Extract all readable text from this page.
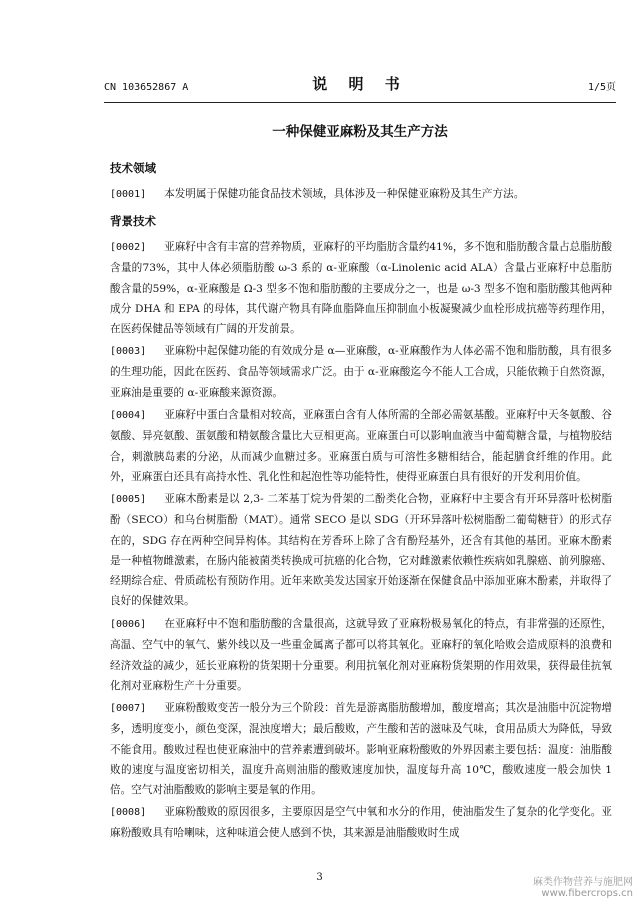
CN 103652867 A	说 明 书	1/5页
一种保健亚麻粉及其生产方法
技术领域
[0001] 本发明属于保健功能食品技术领域，具体涉及一种保健亚麻粉及其生产方法。
背景技术
[0002] 亚麻籽中含有丰富的营养物质，亚麻籽的平均脂肪含量约41%，多不饱和脂肪酸含量占总脂肪酸含量的73%，其中人体必须脂肪酸 ω-3 系的 α-亚麻酸（α-Linolenic acid ALA）含量占亚麻籽中总脂肪酸含量的59%，α-亚麻酸是 Ω-3 型多不饱和脂肪酸的主要成分之一，也是 ω-3 型多不饱和脂肪酸其他两种成分 DHA 和 EPA 的母体，其代谢产物具有降血脂降血压抑制血小板凝聚减少血栓形成抗癌等药理作用，在医药保健品等领域有广阔的开发前景。
[0003] 亚麻粉中起保健功能的有效成分是 α—亚麻酸，α-亚麻酸作为人体必需不饱和脂肪酸，具有很多的生理功能，因此在医药、食品等领域需求广泛。由于 α-亚麻酸迄今不能人工合成，只能依赖于自然资源，亚麻油是重要的 α-亚麻酸来源资源。
[0004] 亚麻籽中蛋白含量相对较高，亚麻蛋白含有人体所需的全部必需氨基酸。亚麻籽中天冬氨酸、谷氨酸、异亮氨酸、蛋氨酸和精氨酸含量比大豆相更高。亚麻蛋白可以影响血液当中葡萄糖含量，与植物胶结合，刺激胰岛素的分泌，从而减少血糖过多。亚麻蛋白质与可溶性多糖相结合，能起膳食纤维的作用。此外，亚麻蛋白还具有高持水性、乳化性和起泡性等功能特性，使得亚麻蛋白具有很好的开发利用价值。
[0005] 亚麻木酚素是以 2,3- 二苯基丁烷为骨架的二酚类化合物，亚麻籽中主要含有开环异落叶松树脂酚（SECO）和乌台树脂酚（MAT）。通常 SECO 是以 SDG（开环异落叶松树脂酚二葡萄糖苷）的形式存在的，SDG 存在两种空间异构体。其结构在芳香环上除了含有酚羟基外，还含有其他的基团。亚麻木酚素是一种植物雌激素，在肠内能被菌类转换成可抗癌的化合物，它对雌激素依赖性疾病如乳腺癌、前列腺癌、经期综合症、骨质疏松有预防作用。近年来欧美发达国家开始逐渐在保健食品中添加亚麻木酚素，并取得了良好的保健效果。
[0006] 在亚麻籽中不饱和脂肪酸的含量很高，这就导致了亚麻粉极易氧化的特点，有非常强的还原性，高温、空气中的氧气、紫外线以及一些重金属离子都可以将其氧化。亚麻籽的氧化哈败会造成原料的浪费和经济效益的减少，延长亚麻粉的货架期十分重要。利用抗氧化剂对亚麻粉货架期的作用效果，获得最佳抗氧化剂对亚麻粉生产十分重要。
[0007] 亚麻粉酸败变苦一般分为三个阶段：首先是游离脂肪酸增加，酸度增高；其次是油脂中沉淀物增多，透明度变小，颜色变深，混浊度增大；最后酸败，产生酸和苦的滋味及气味，食用品质大为降低，导致不能食用。酸败过程也使亚麻油中的营养素遭到破坏。影响亚麻粉酸败的外界因素主要包括：温度：油脂酸败的速度与温度密切相关，温度升高则油脂的酸败速度加快，温度每升高 10℃，酸败速度一般会加快 1 倍。空气对油脂酸败的影响主要是氧的作用。
[0008] 亚麻粉酸败的原因很多，主要原因是空气中氧和水分的作用，使油脂发生了复杂的化学变化。亚麻粉酸败具有哈喇味，这种味道会使人感到不快，其来源是油脂酸败时生成
3	麻类作物营养与施肥网
www.fibercrops.cn
